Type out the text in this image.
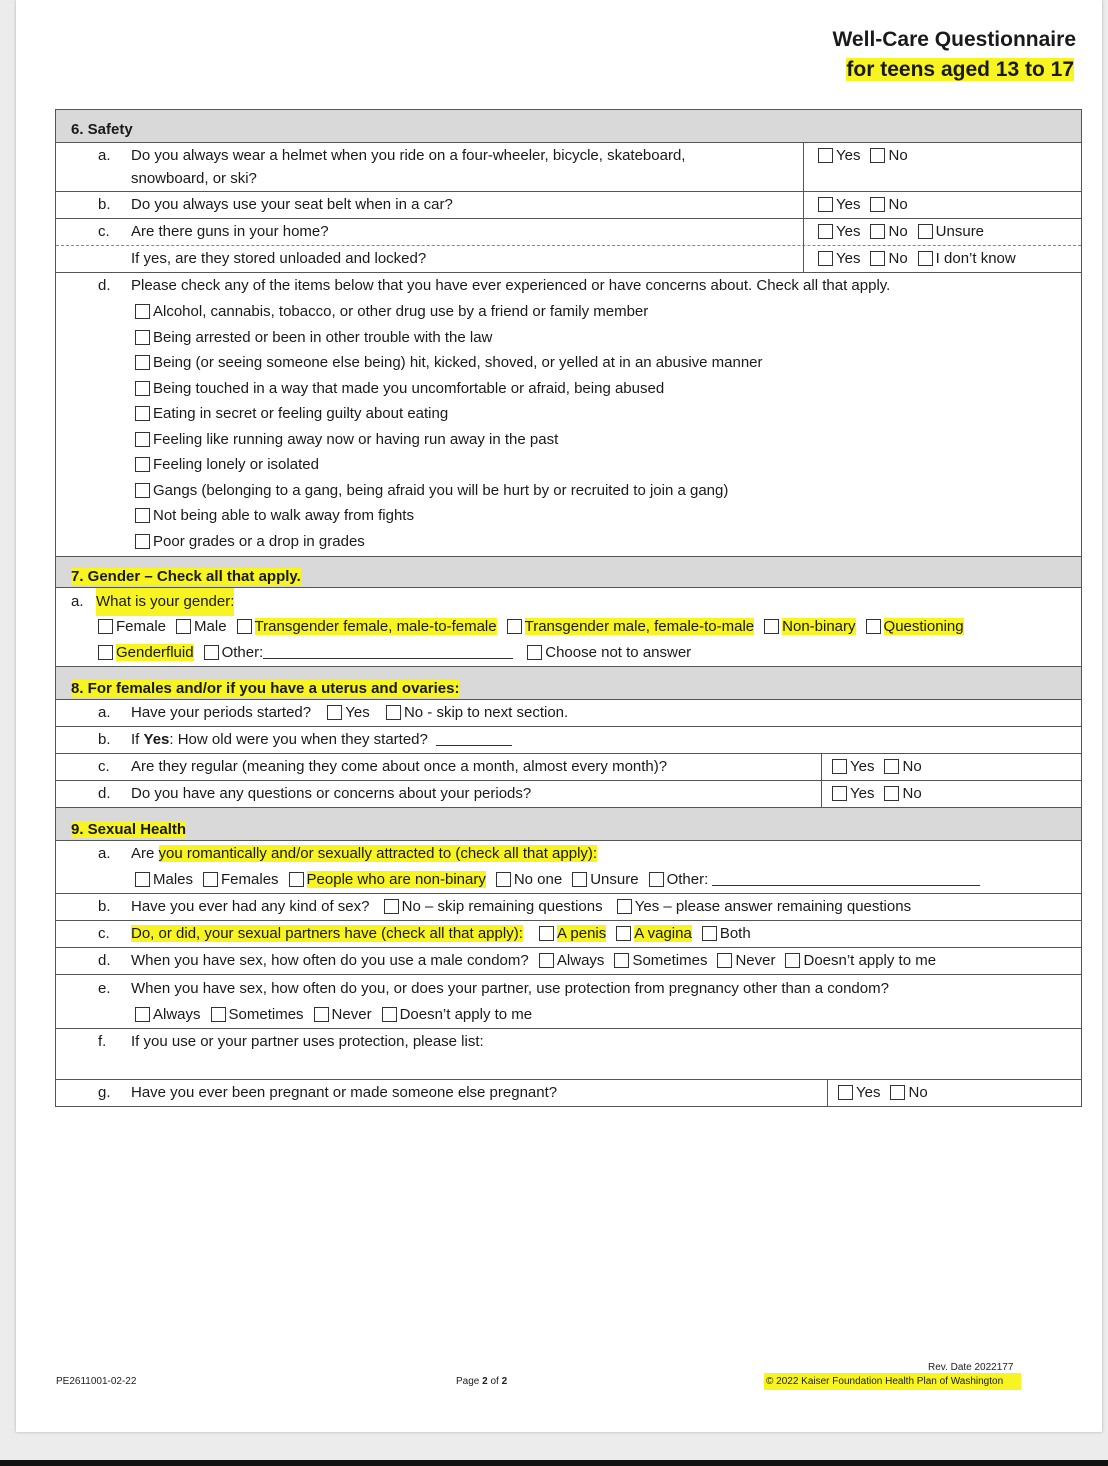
Well-Care Questionnaire
for teens aged 13 to 17
6. Safety
a. Do you always wear a helmet when you ride on a four-wheeler, bicycle, skateboard,	Yes No
snowboard, or ski?
b. Do you always use your seat belt when in a car?	Yes No
c. Are there guns in your home?	Yes No Unsure
If yes, are they stored unloaded and locked?	Yes No I don’t know
d. Please check any of the items below that you have ever experienced or have concerns about. Check all that apply.
Alcohol, cannabis, tobacco, or other drug use by a friend or family member
Being arrested or been in other trouble with the law
Being (or seeing someone else being) hit, kicked, shoved, or yelled at in an abusive manner
Being touched in a way that made you uncomfortable or afraid, being abused
Eating in secret or feeling guilty about eating
Feeling like running away now or having run away in the past
Feeling lonely or isolated
Gangs (belonging to a gang, being afraid you will be hurt by or recruited to join a gang)
Not being able to walk away from fights
Poor grades or a drop in grades
7. Gender – Check all that apply.
a. What is your gender:
Female Male Transgender female, male-to-female Transgender male, female-to-male Non-binary Questioning
Genderfluid Other:	Choose not to answer
8. For females and/or if you have a uterus and ovaries:
a. Have your periods started? Yes No - skip to next section.
b. If Yes: How old were you when they started?
c. Are they regular (meaning they come about once a month, almost every month)?	Yes No
d. Do you have any questions or concerns about your periods?	Yes No
9. Sexual Health
a. Are you romantically and/or sexually attracted to (check all that apply):
Males Females People who are non-binary No one Unsure Other:
b. Have you ever had any kind of sex? No – skip remaining questions Yes – please answer remaining questions
c. Do, or did, your sexual partners have (check all that apply): A penis A vagina Both
d. When you have sex, how often do you use a male condom? Always Sometimes Never Doesn’t apply to me
e. When you have sex, how often do you, or does your partner, use protection from pregnancy other than a condom?
Always Sometimes Never Doesn’t apply to me
f. If you use or your partner uses protection, please list:
g. Have you ever been pregnant or made someone else pregnant?	Yes No
PE2611001-02-22	Page 2 of 2
Rev. Date 2022177
© 2022 Kaiser Foundation Health Plan of Washington
